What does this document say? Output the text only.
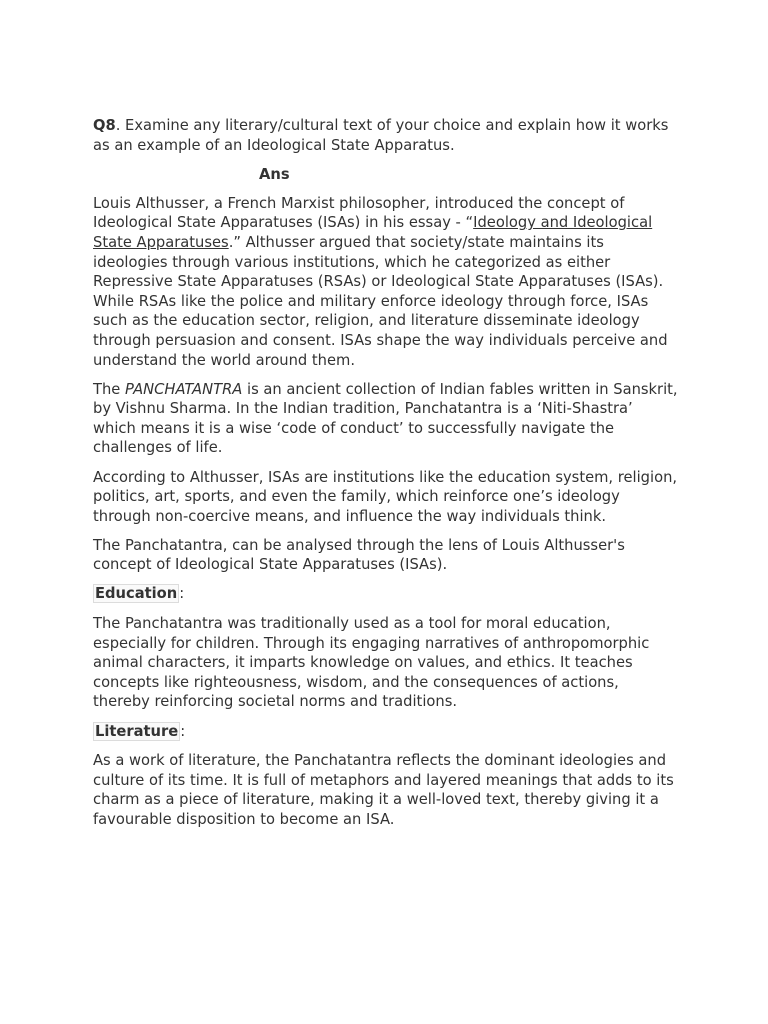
Q8. Examine any literary/cultural text of your choice and explain how it works as an example of an Ideological State Apparatus.

Ans

Louis Althusser, a French Marxist philosopher, introduced the concept of Ideological State Apparatuses (ISAs) in his essay - “Ideology and Ideological State Apparatuses.” Althusser argued that society/state maintains its ideologies through various institutions, which he categorized as either Repressive State Apparatuses (RSAs) or Ideological State Apparatuses (ISAs). While RSAs like the police and military enforce ideology through force, ISAs such as the education sector, religion, and literature disseminate ideology through persuasion and consent. ISAs shape the way individuals perceive and understand the world around them.

The PANCHATANTRA is an ancient collection of Indian fables written in Sanskrit, by Vishnu Sharma. In the Indian tradition, Panchatantra is a ‘Niti-Shastra’ which means it is a wise ‘code of conduct’ to successfully navigate the challenges of life.

According to Althusser, ISAs are institutions like the education system, religion, politics, art, sports, and even the family, which reinforce one’s ideology through non-coercive means, and influence the way individuals think.

The Panchatantra, can be analysed through the lens of Louis Althusser's concept of Ideological State Apparatuses (ISAs).

Education :

The Panchatantra was traditionally used as a tool for moral education, especially for children. Through its engaging narratives of anthropomorphic animal characters, it imparts knowledge on values, and ethics. It teaches concepts like righteousness, wisdom, and the consequences of actions, thereby reinforcing societal norms and traditions.

Literature :

As a work of literature, the Panchatantra reflects the dominant ideologies and culture of its time. It is full of metaphors and layered meanings that adds to its charm as a piece of literature, making it a well-loved text, thereby giving it a favourable disposition to become an ISA.
